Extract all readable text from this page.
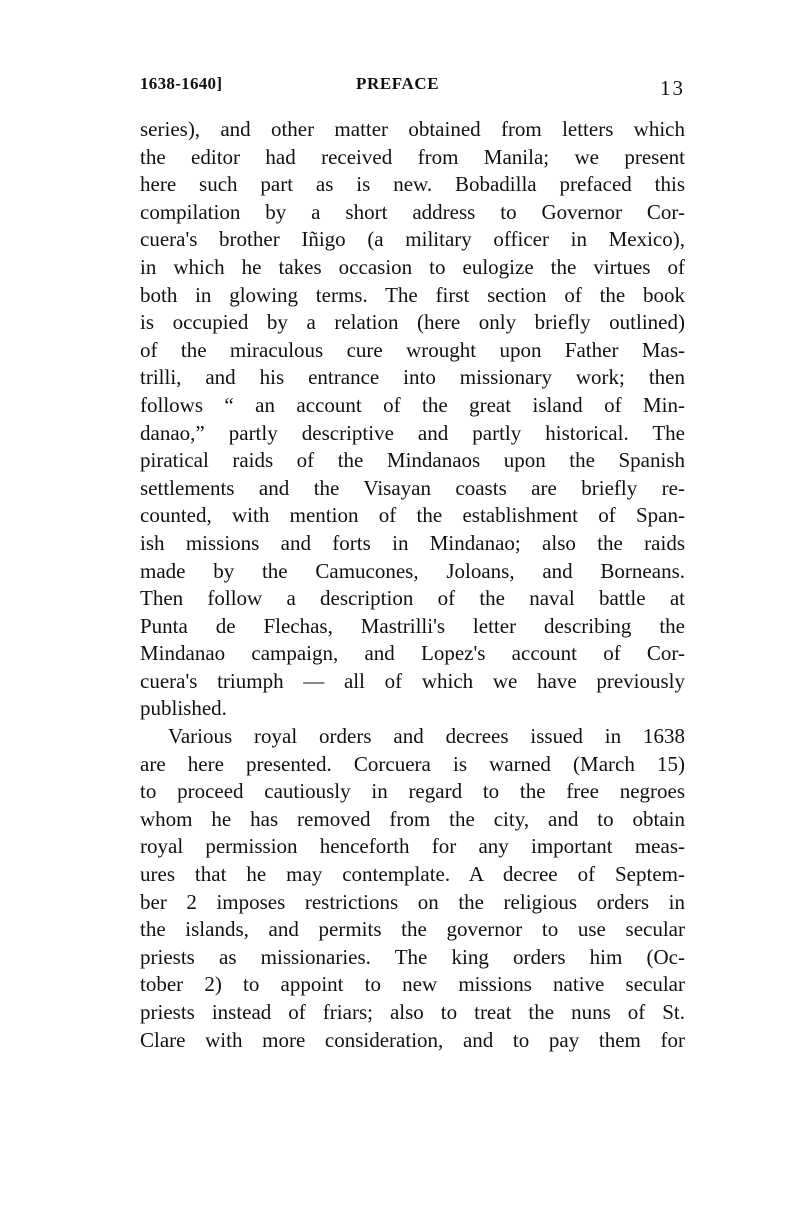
1638-1640]	PREFACE	13
series), and other matter obtained from letters which
the editor had received from Manila; we present
here such part as is new. Bobadilla prefaced this
compilation by a short address to Governor Cor-
cuera's brother Iñigo (a military officer in Mexico),
in which he takes occasion to eulogize the virtues of
both in glowing terms. The first section of the book
is occupied by a relation (here only briefly outlined)
of the miraculous cure wrought upon Father Mas-
trilli, and his entrance into missionary work; then
follows “ an account of the great island of Min-
danao,” partly descriptive and partly historical. The
piratical raids of the Mindanaos upon the Spanish
settlements and the Visayan coasts are briefly re-
counted, with mention of the establishment of Span-
ish missions and forts in Mindanao; also the raids
made by the Camucones, Joloans, and Borneans.
Then follow a description of the naval battle at
Punta de Flechas, Mastrilli's letter describing the
Mindanao campaign, and Lopez's account of Cor-
cuera's triumph — all of which we have previously
published.
Various royal orders and decrees issued in 1638
are here presented. Corcuera is warned (March 15)
to proceed cautiously in regard to the free negroes
whom he has removed from the city, and to obtain
royal permission henceforth for any important meas-
ures that he may contemplate. A decree of Septem-
ber 2 imposes restrictions on the religious orders in
the islands, and permits the governor to use secular
priests as missionaries. The king orders him (Oc-
tober 2) to appoint to new missions native secular
priests instead of friars; also to treat the nuns of St.
Clare with more consideration, and to pay them for
